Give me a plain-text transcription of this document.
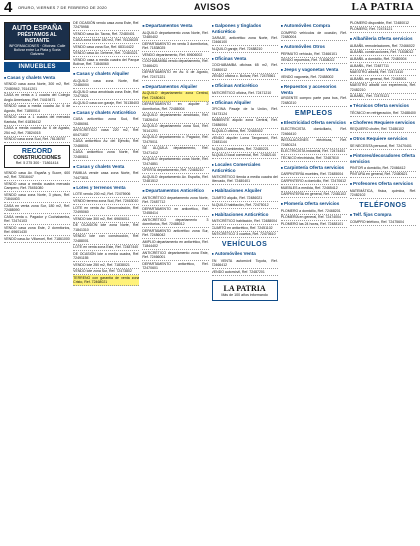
4 ORURO, VIERNES 7 DE FEBRERO DE 2020	AVISOS	LA PATRIA
AUTO ESPAÑA
PRÉSTAMOS AL INSTANTE
INFORMACIONES · Oficinas: Calle Bolívar entre La Plata y Soria Galvarro
INMUEBLES
■ Casas y chalets Venta
VENDO casa zona Norte, 300 m2, Ref. 72480942, 76141201
CASA en venta a 1 cuadra del Colegio Anglo Americano, Ref. 74419471
VENDO casa a media cuadra Av. 6 de Agosto, Ref. 71850014
VENDO casa a 1 cuadra del mercado Kantuta, Ref. 61836412
CASA a media cuadra Av. 6 de Agosto, 254 m2, Ref. 73824015
VENDO casa zona Sud, Ref. 76136767
RECORD
CONSTRUCCIONES
Ref. 5 275 300 · 71861414
VENDO casa Av. España y Sucre, 600 m2, Ref. 72516447
VENDO casa a media cuadra mercado Campero, Ref. 75451080
VENDO casa zona Norte, 3 pisos, Ref. 71844403
CASA en venta zona Sur, 180 m2, Ref. 72488090
CASA venta c. Pagador y Cochabamba, Ref. 72474103
VENDO casa zona Este, 2 dormitorios, Ref. 69601430
VENDO casa Av. Villarroel, Ref. 71861000
DE OCASIÓN vendo casa zona Este, Ref. 72475958
VENDO casa Av. Tacna, Ref. 72480401
CASA zona Norte 180 m2, Ref. 76126025
VENDO casa zona Sur, Ref. 68314422
VENDO casa Av. Dehene, Ref. 72484321
VENDO casa a media cuadra del Parque Bolívar, Ref. 71846060
■ Casas y chalets Alquiler
ALQUILO casa zona Norte, Ref. 72486004
ALQUILO casa amoblada zona Este, Ref. 72473521
ALQUILO casa con garaje, Ref. 76138403
■ Casas y chalets Anticrético
CASA anticrético zona Sud, Ref. 72486061
ANTICRÉTICO casa 220 m2, Ref. 60471837
CASA anticrético Av. del Ejército, Ref. 72488001
CASA anticrético zona Norte, Ref. 72480811
■ Casas y chalets Venta
FAMILIA vende casa zona Norte, Ref. 74473831
■ Lotes y terrenos Venta
LOTE vendo 200 m2, Ref. 72475906
VENDO terreno zona Sud, Ref. 72463010
LOTE en venta Av. Circunvalación, Ref. 72495060
VENDO lote 300 m2, Ref. 69606011
DE OCASIÓN lote zona Norte, Ref. 71841310
VENDO lote con construcción, Ref. 72488001
LOTE en venta zona Este, Ref. 72487440
DE OCASIÓN lote a media cuadra, Ref. 72491155
VENDO lote 250 m2, Ref. 71838021
VENDO lote zona Sur, Ref. 72473802
TERRENO con garantía de venta zona Cristo, Ref. 72468021
■ Departamentos Venta
ALQUILO departamento zona Norte, Ref. 72480402
DEPARTAMENTO en venta 3 dormitorios, Ref. 71838025
VENDO departamento, Ref. 69606002
COCHABAMBA vendo departamento, Ref. 72466421
DEPARTAMENTO en Av. 6 de Agosto, Ref. 72471221
■ Departamentos Alquiler
ALQUILO departamento zona Central, Ref. 72480401
DEPARTAMENTO en alquiler 2 dormitorios, Ref. 72488004
ALQUILO departamento amoblado, Ref. 71826414
ALQUILO departamento zona Sud, Ref. 76141201
ALQUILO departamento c. Pagador, Ref. 72475011
SE ALQUILA departamento, Ref. 72471412
ALQUILO departamento zona Norte, Ref. 72474851
OFERTA departamento, Ref. 72465210
ALQUILO departamento Av. España, Ref. 72481512
■ Departamentos Anticrético
ANTICRÉTICO departamento zona Norte, Ref. 72487712
DEPARTAMENTO en anticrético, Ref. 72458414
ANTICRÉTICO departamento 3 dormitorios, Ref. 72488012
DEPARTAMENTO anticrético zona Sur, Ref. 72486042
AMPLIO departamento en anticrético, Ref. 71844402
ANTICRÉTICO departamento zona Este, Ref. 72466001
DEPARTAMENTO anticrético, Ref. 72470601
■ Galpones y tinglados Anticrético
GARAJE, anticrético zona Norte, Ref. 72466100
ALQUILO garaje, Ref. 72488210
■ Oficinas Venta
COCHABAMBA oficinas 65 m2, Ref. 72480012
VENDO oficina c. Bolívar, Ref. 72475561
■ Oficinas Anticrético
ANTICRÉTICO oficina, Ref. 72471210
■ Oficinas Alquiler
OFICINA Pasaje de la Unión, Ref. 74473124
AMBIENTE alquilo zona Central, Ref. 72486004
ALQUILO oficina, Ref. 72465402
VENDO alquiler Loma Tangananí, Ref. 72481144
ALQUILO ambientes, Ref. 72480221
ALQUILO local comercial, Ref. 72482144
■ Locales Comerciales Anticrético
ANTICRÉTICO tienda a media cuadra del Mercado, Ref. 72480401
■ Habitaciones Alquiler
CUARTO alquilo, Ref. 72486021
ALQUILO habitación, Ref. 72475012
■ Habitaciones Anticrético
ANTICRÉTICO habitación, Ref. 72488004
CUARTO en anticrético, Ref. 72451102
ANTICRÉTICO 3 cuartos, Ref. 72470610
VEHÍCULOS
■ Automóviles Venta
EN VENTA automóvil Toyota, Ref. 72466412
VENDO automóvil, Ref. 72487201
LA PATRIA
Más de 100 años informando
■ Automóviles Compra
COMPRO vehículos de ocasión, Ref. 72480004
■ Automóviles Otros
PERMUTO vehículo, Ref. 72466101
VENDO repuestos, Ref. 71838022
■ Jeeps y vagonetas Venta
VENDO vagoneta, Ref. 72488002
■ Repuestos y accesorios Venta
URGENTE compro parte para bus, Ref. 72480210
EMPLEOS
■ Electricidad Oferta servicios
ELECTRICISTA domiciliario, Ref. 72466410
INSTALACIONES eléctricas, Ref. 72480124
ELECTRICISTA industrial, Ref. 72474451
TÉCNICO electricista, Ref. 72487810
■ Carpintería Oferta servicios
CARPINTERÍA muebles, Ref. 72485004
CARPINTERO a domicilio, Ref. 72470612
MUEBLES a medida, Ref. 72465412
CARPINTERÍA en general, Ref. 72481102
■ Plomería Oferta servicios
PLOMERO a domicilio, Ref. 72468201
PLOMERÍA en general, Ref. 72474004
PLOMERO las 24 horas, Ref. 72488101
PLOMERO disponible, Ref. 72480012
PLOMERO, Ref. 72474121
■ Albañilería Oferta servicios
ALBAÑIL remodelaciones, Ref. 72466022
ALBAÑIL construcciones, Ref. 71838012
ALBAÑIL a domicilio, Ref. 72480004
ALBAÑIL, Ref. 72487711
MAESTRO albañil, Ref. 72471410
ALBAÑIL en general, Ref. 72465001
MAESTRO albañil con experiencia, Ref. 72482210
ALBAÑIL, Ref. 72475121
■ Técnicos Oferta servicios
TÉCNICO en refrigeración, Ref. 72488400
■ Choferes Requiere servicios
REQUIERO chofer, Ref. 72486102
■ Otros Requiere servicios
SE NECESITA personal, Ref. 72470401
■ Pintores/decoradores Oferta servicios
PINTOR a domicilio, Ref. 72466412
PINTURA en general, Ref. 72480621
■ Profesores Oferta servicios
MATEMÁTICA, física, química, Ref. 72482102
TELÉFONOS
■ Telf. fijos Compra
COMPRO teléfono, Ref. 72475604
